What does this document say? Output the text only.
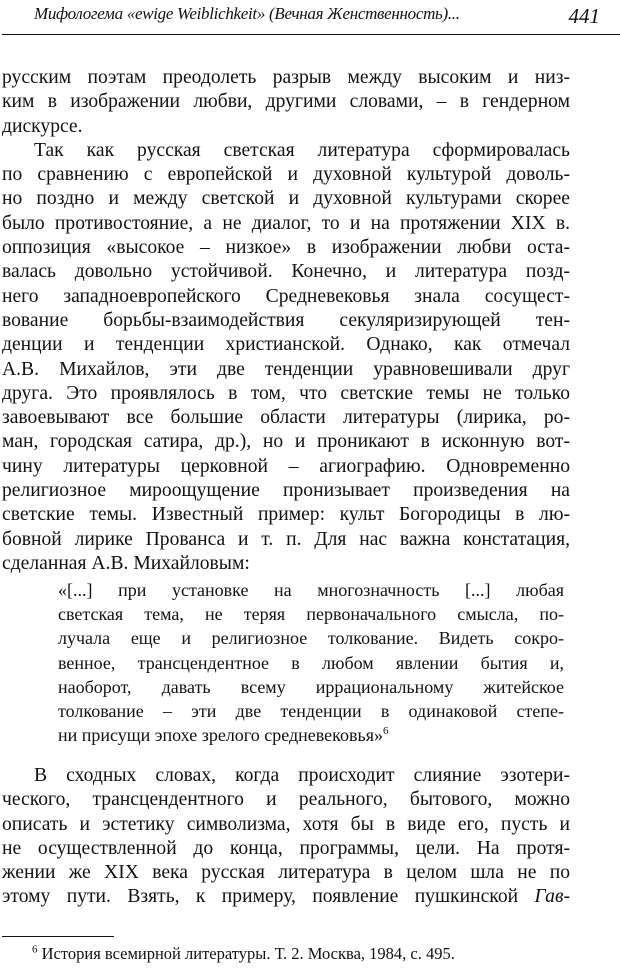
Мифологема «ewige Weiblichkeit» (Вечная Женственность)...	441
русским поэтам преодолеть разрыв между высоким и низ-
ким в изображении любви, другими словами, – в гендерном
дискурсе.
Так как русская светская литература сформировалась
по сравнению с европейской и духовной культурой доволь-
но поздно и между светской и духовной культурами скорее
было противостояние, а не диалог, то и на протяжении XIX в.
оппозиция «высокое – низкое» в изображении любви оста-
валась довольно устойчивой. Конечно, и литература позд-
него западноевропейского Средневековья знала сосущест-
вование борьбы-взаимодействия секуляризирующей тен-
денции и тенденции христианской. Однако, как отмечал
А.В. Михайлов, эти две тенденции уравновешивали друг
друга. Это проявлялось в том, что светские темы не только
завоевывают все большие области литературы (лирика, ро-
ман, городская сатира, др.), но и проникают в исконную вот-
чину литературы церковной – агиографию. Одновременно
религиозное мироощущение пронизывает произведения на
светские темы. Известный пример: культ Богородицы в лю-
бовной лирике Прованса и т. п. Для нас важна констатация,
сделанная А.В. Михайловым:
«[...] при установке на многозначность [...] любая
светская тема, не теряя первоначального смысла, по-
лучала еще и религиозное толкование. Видеть сокро-
венное, трансцендентное в любом явлении бытия и,
наоборот, давать всему иррациональному житейское
толкование – эти две тенденции в одинаковой степе-
ни присущи эпохе зрелого средневековья»$^6$
В сходных словах, когда происходит слияние эзотери-
ческого, трансцендентного и реального, бытового, можно
описать и эстетику символизма, хотя бы в виде его, пусть и
не осуществленной до конца, программы, цели. На протя-
жении же XIX века русская литература в целом шла не по
этому пути. Взять, к примеру, появление пушкинской Гав-
$^6$ История всемирной литературы. Т. 2. Москва, 1984, с. 495.
